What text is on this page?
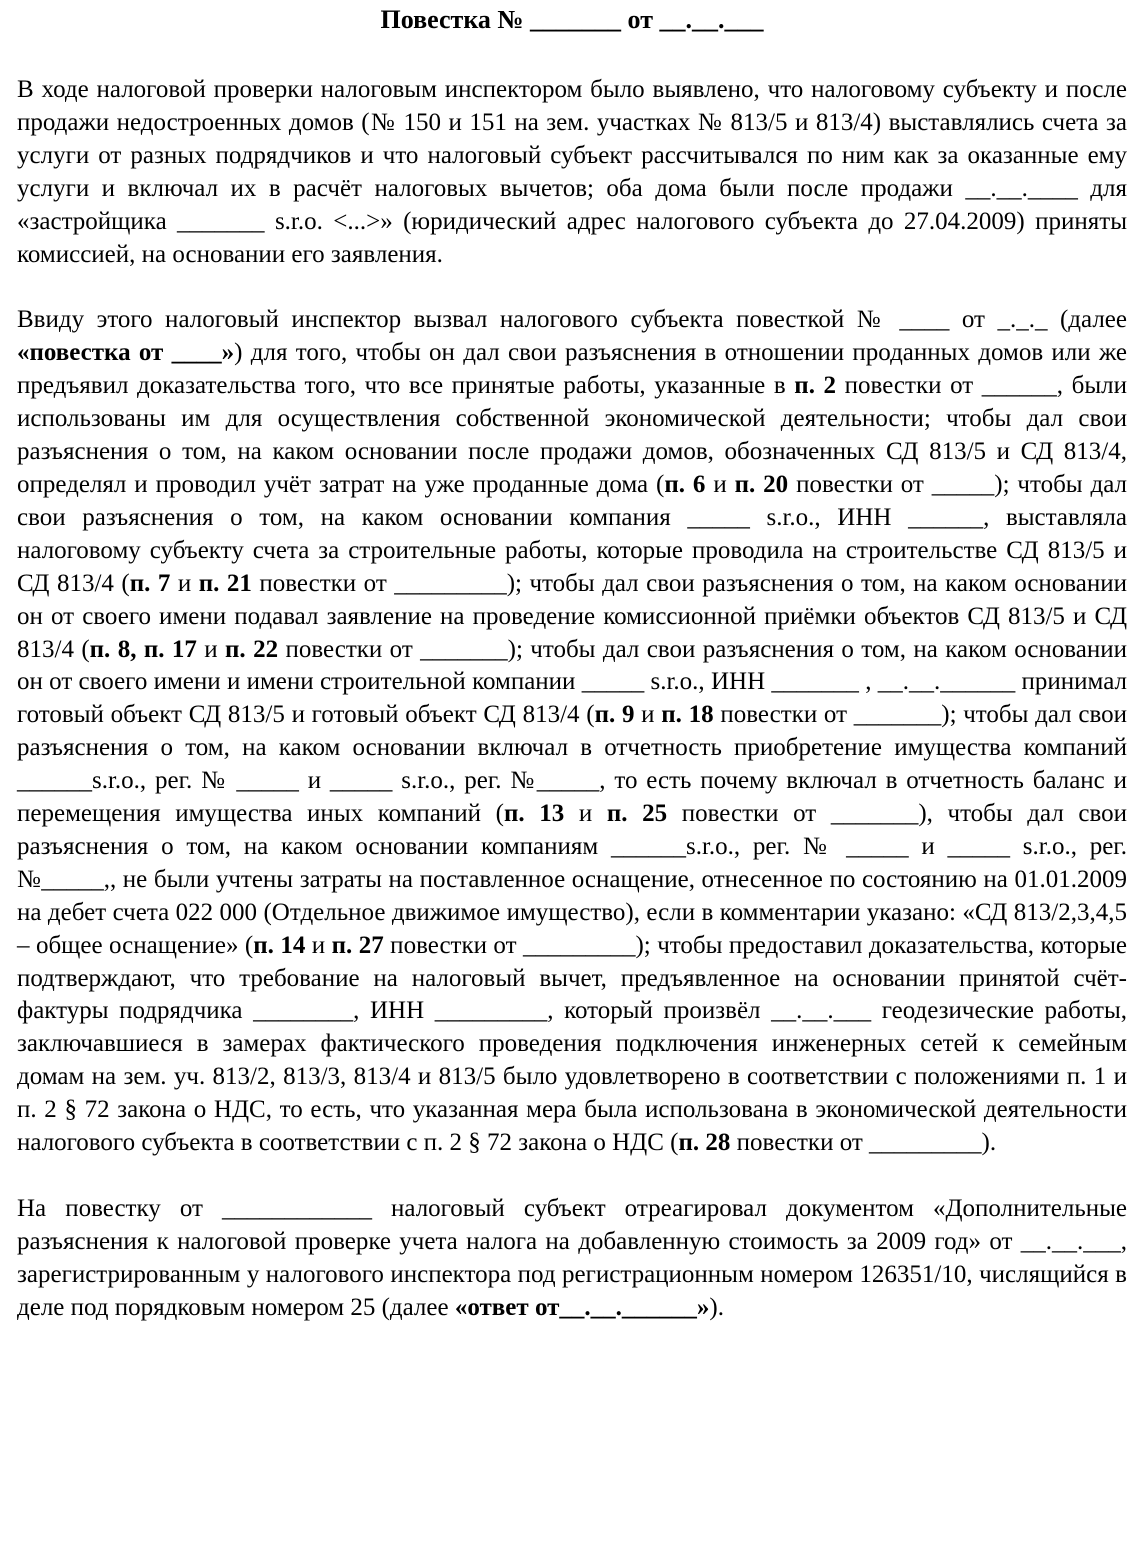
Повестка № _______ от __.__.___

В ходе налоговой проверки налоговым инспектором было выявлено, что налоговому субъекту и после продажи недостроенных домов (№ 150 и 151 на зем. участках № 813/5 и 813/4) выставлялись счета за услуги от разных подрядчиков и что налоговый субъект рассчитывался по ним как за оказанные ему услуги и включал их в расчёт налоговых вычетов; оба дома были после продажи __.__.____ для «застройщика _______ s.r.o. <...>» (юридический адрес налогового субъекта до 27.04.2009) приняты комиссией, на основании его заявления.

Ввиду этого налоговый инспектор вызвал налогового субъекта повесткой № ____ от _._._ (далее «повестка от ____») для того, чтобы он дал свои разъяснения в отношении проданных домов или же предъявил доказательства того, что все принятые работы, указанные в п. 2 повестки от ______, были использованы им для осуществления собственной экономической деятельности; чтобы дал свои разъяснения о том, на каком основании после продажи домов, обозначенных СД 813/5 и СД 813/4, определял и проводил учёт затрат на уже проданные дома (п. 6 и п. 20 повестки от _____); чтобы дал свои разъяснения о том, на каком основании компания _____ s.r.o., ИНН ______, выставляла налоговому субъекту счета за строительные работы, которые проводила на строительстве СД 813/5 и СД 813/4 (п. 7 и п. 21 повестки от _________); чтобы дал свои разъяснения о том, на каком основании он от своего имени подавал заявление на проведение комиссионной приёмки объектов СД 813/5 и СД 813/4 (п. 8, п. 17 и п. 22 повестки от _______); чтобы дал свои разъяснения о том, на каком основании он от своего имени и имени строительной компании _____ s.r.o., ИНН _______ , __.__.______ принимал готовый объект СД 813/5 и готовый объект СД 813/4 (п. 9 и п. 18 повестки от _______); чтобы дал свои разъяснения о том, на каком основании включал в отчетность приобретение имущества компаний ______s.r.o., рег. № _____ и _____ s.r.o., рег. №_____, то есть почему включал в отчетность баланс и перемещения имущества иных компаний (п. 13 и п. 25 повестки от _______), чтобы дал свои разъяснения о том, на каком основании компаниям ______s.r.o., рег. № _____ и _____ s.r.o., рег. №_____,, не были учтены затраты на поставленное оснащение, отнесенное по состоянию на 01.01.2009 на дебет счета 022 000 (Отдельное движимое имущество), если в комментарии указано: «СД 813/2,3,4,5 – общее оснащение» (п. 14 и п. 27 повестки от _________); чтобы предоставил доказательства, которые подтверждают, что требование на налоговый вычет, предъявленное на основании принятой счёт-фактуры подрядчика ________, ИНН _________, который произвёл __.__.___ геодезические работы, заключавшиеся в замерах фактического проведения подключения инженерных сетей к семейным домам на зем. уч. 813/2, 813/3, 813/4 и 813/5 было удовлетворено в соответствии с положениями п. 1 и п. 2 § 72 закона о НДС, то есть, что указанная мера была использована в экономической деятельности налогового субъекта в соответствии с п. 2 § 72 закона о НДС (п. 28 повестки от _________).

На повестку от ____________ налоговый субъект отреагировал документом «Дополнительные разъяснения к налоговой проверке учета налога на добавленную стоимость за 2009 год» от __.__.___, зарегистрированным у налогового инспектора под регистрационным номером 126351/10, числящийся в деле под порядковым номером 25 (далее «ответ от__.__.______»).
